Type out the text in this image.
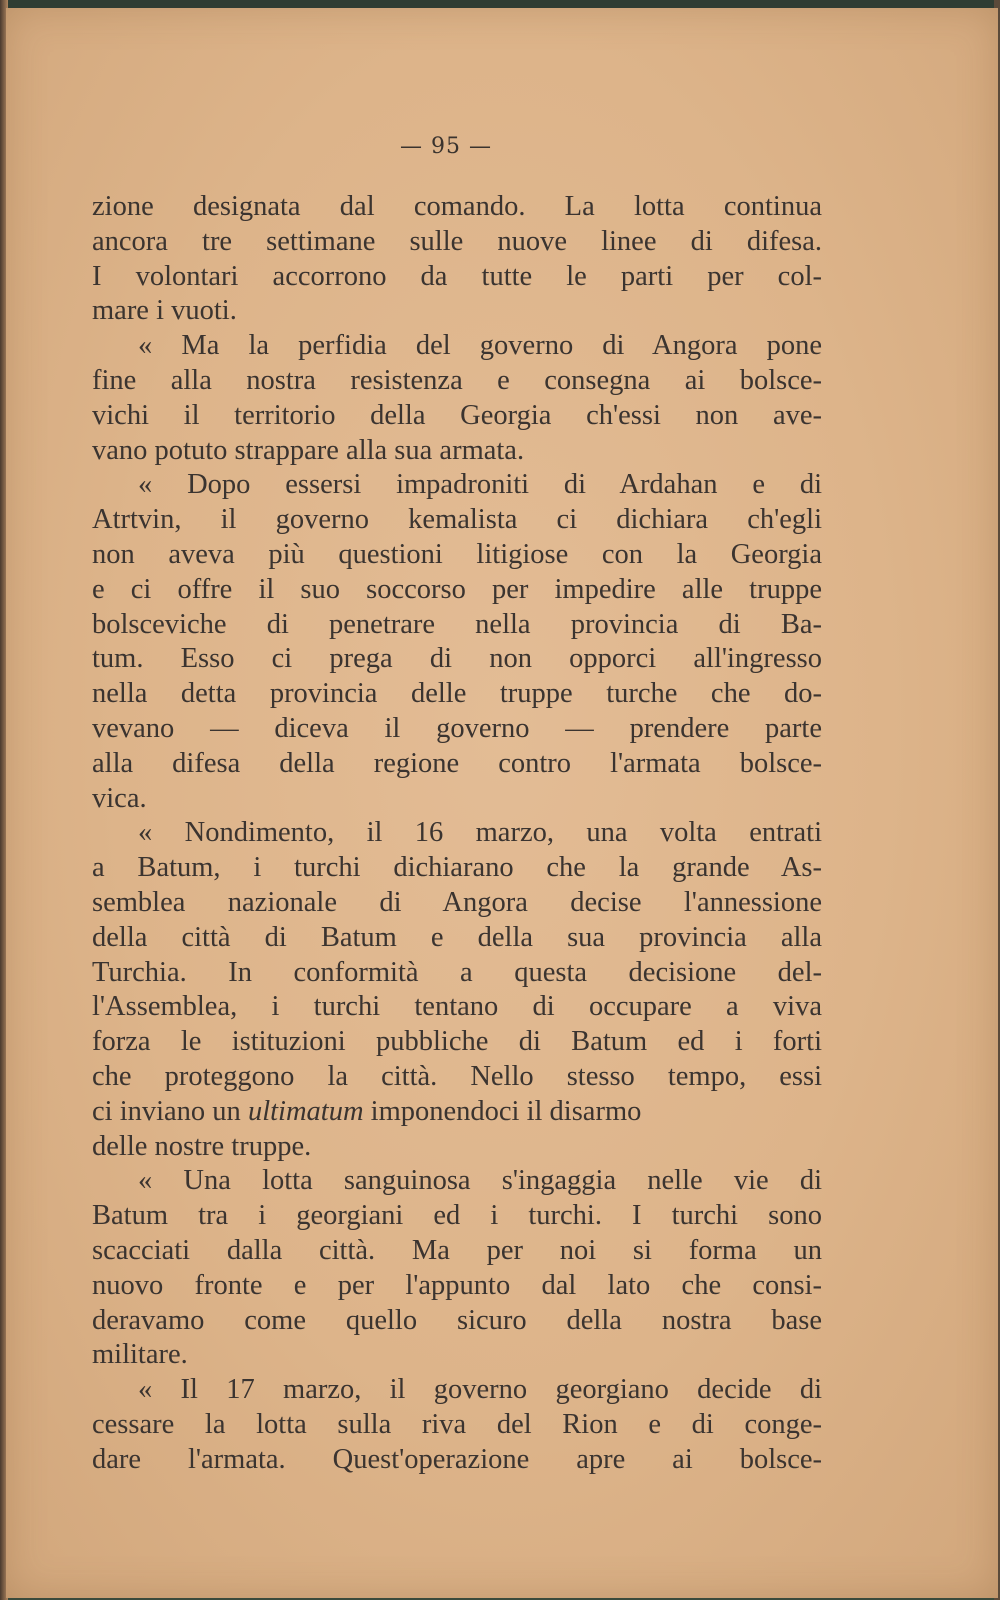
— 95 —
zione designata dal comando. La lotta continua
ancora tre settimane sulle nuove linee di difesa.
I volontari accorrono da tutte le parti per col-
mare i vuoti.
« Ma la perfidia del governo di Angora pone
fine alla nostra resistenza e consegna ai bolsce-
vichi il territorio della Georgia ch'essi non ave-
vano potuto strappare alla sua armata.
« Dopo essersi impadroniti di Ardahan e di
Atrtvin, il governo kemalista ci dichiara ch'egli
non aveva più questioni litigiose con la Georgia
e ci offre il suo soccorso per impedire alle truppe
bolsceviche di penetrare nella provincia di Ba-
tum. Esso ci prega di non opporci all'ingresso
nella detta provincia delle truppe turche che do-
vevano — diceva il governo — prendere parte
alla difesa della regione contro l'armata bolsce-
vica.
« Nondimento, il 16 marzo, una volta entrati
a Batum, i turchi dichiarano che la grande As-
semblea nazionale di Angora decise l'annessione
della città di Batum e della sua provincia alla
Turchia. In conformità a questa decisione del-
l'Assemblea, i turchi tentano di occupare a viva
forza le istituzioni pubbliche di Batum ed i forti
che proteggono la città. Nello stesso tempo, essi
ci inviano un ultimatum imponendoci il disarmo
delle nostre truppe.
« Una lotta sanguinosa s'ingaggia nelle vie di
Batum tra i georgiani ed i turchi. I turchi sono
scacciati dalla città. Ma per noi si forma un
nuovo fronte e per l'appunto dal lato che consi-
deravamo come quello sicuro della nostra base
militare.
« Il 17 marzo, il governo georgiano decide di
cessare la lotta sulla riva del Rion e di conge-
dare l'armata. Quest'operazione apre ai bolsce-
